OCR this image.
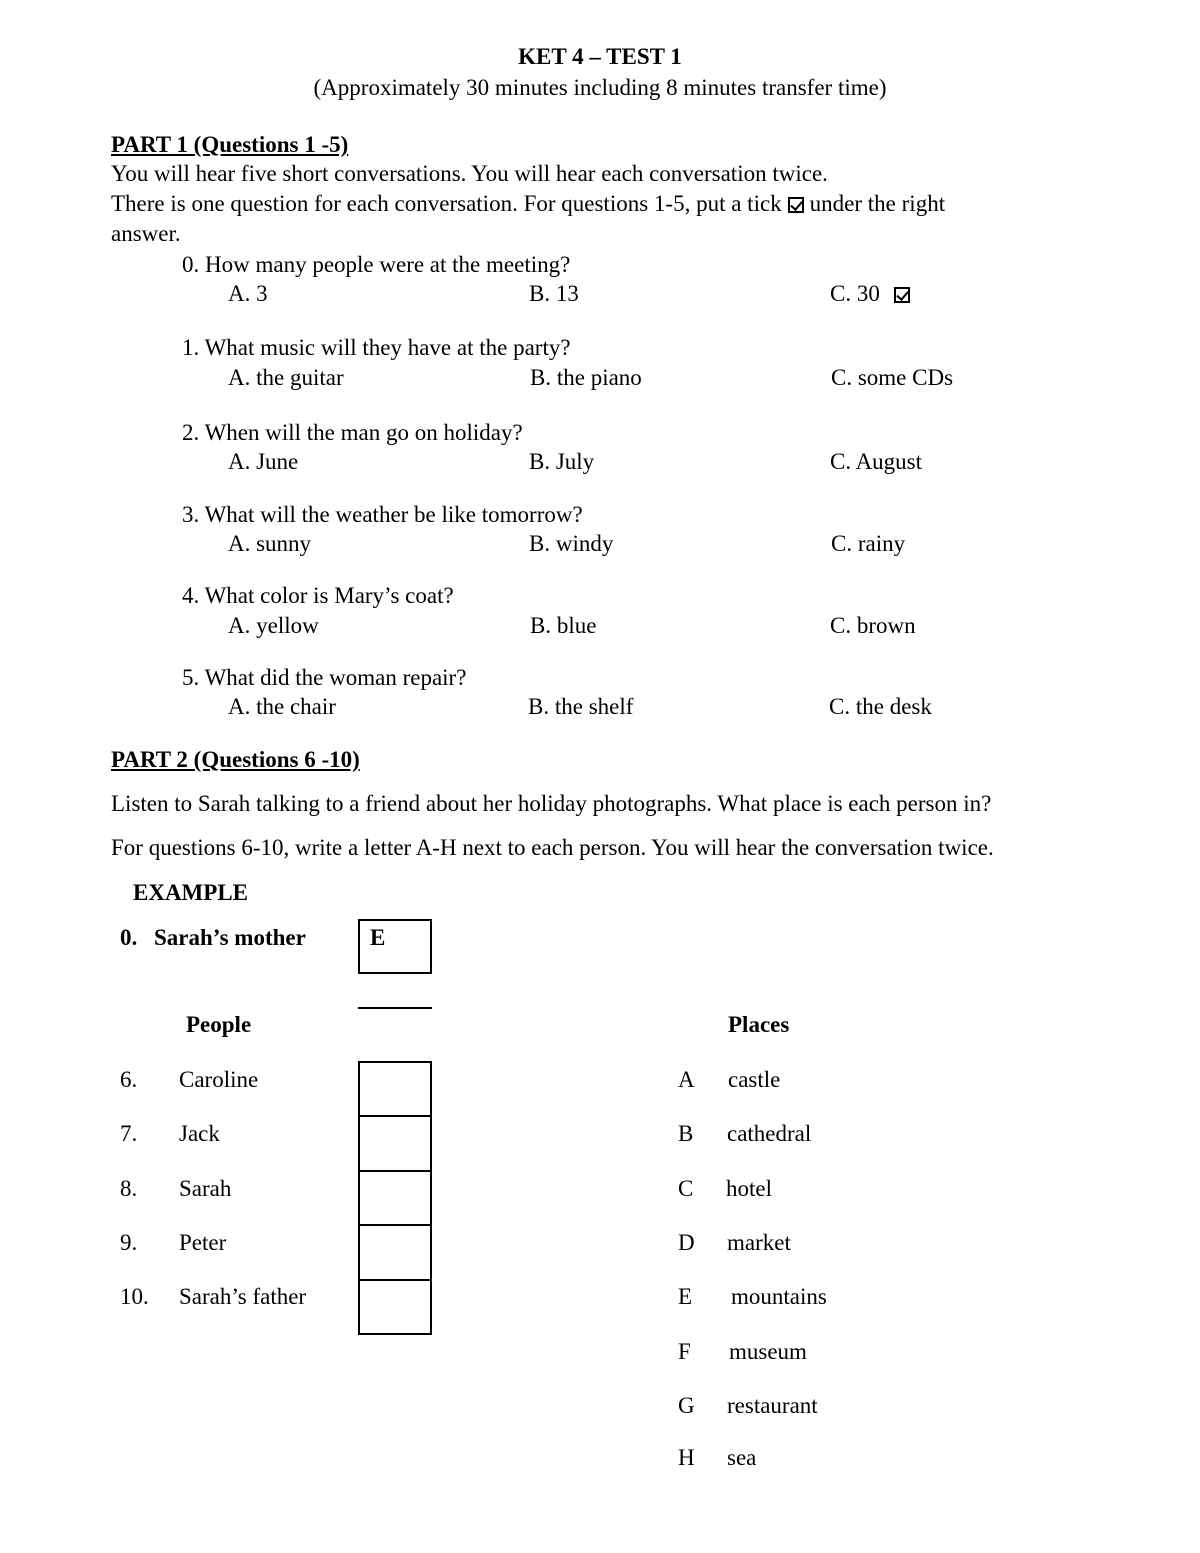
KET 4 – TEST 1
(Approximately 30 minutes including 8 minutes transfer time)
PART 1 (Questions 1 -5)
You will hear five short conversations. You will hear each conversation twice.
There is one question for each conversation. For questions 1-5, put a tick under the right
answer.
0. How many people were at the meeting?
A. 3	B. 13	C. 30
1. What music will they have at the party?
A. the guitar	B. the piano	C. some CDs
2. When will the man go on holiday?
A. June	B. July	C. August
3. What will the weather be like tomorrow?
A. sunny	B. windy	C. rainy
4. What color is Mary’s coat?
A. yellow	B. blue	C. brown
5. What did the woman repair?
A. the chair	B. the shelf	C. the desk
PART 2 (Questions 6 -10)
Listen to Sarah talking to a friend about her holiday photographs. What place is each person in?
For questions 6-10, write a letter A-H next to each person. You will hear the conversation twice.
EXAMPLE
0. Sarah’s mother	E
People	Places
6. Caroline
7. Jack
8. Sarah
9. Peter
10. Sarah’s father
A castle
B cathedral
C hotel
D market
E mountains
F museum
G restaurant
H sea
